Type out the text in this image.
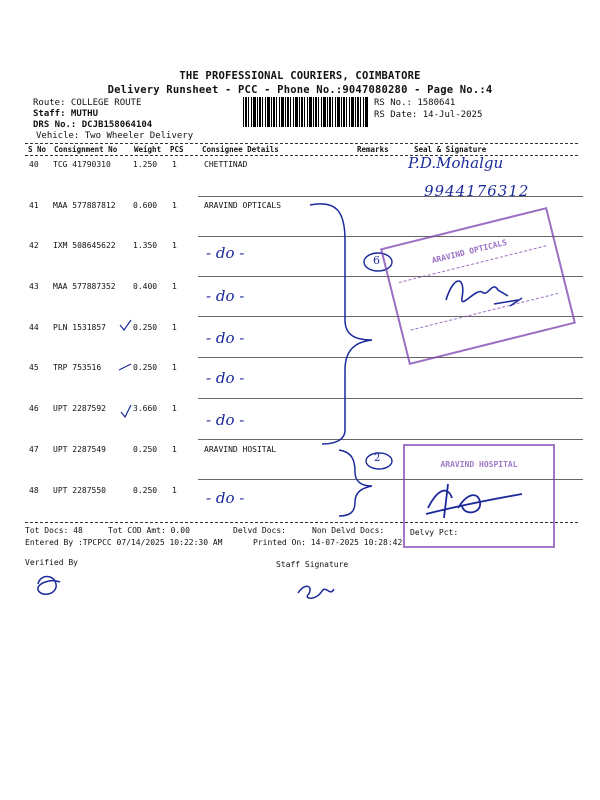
THE PROFESSIONAL COURIERS, COIMBATORE
Delivery Runsheet - PCC - Phone No.:9047080280 - Page No.:4
Route: COLLEGE ROUTE
Staff: MUTHU
DRS No.: DCJB158064104
Vehicle: Two Wheeler Delivery
RS No.: 1580641
RS Date: 14-Jul-2025
S No Consignment No Weight PCS Consignee Details	Remarks	Seal & Signature
40 TCG 41790310	1.250 1	CHETTINAD
41 MAA 577887812 0.600 1	ARAVIND OPTICALS
42 IXM 508645622 1.350 1
43 MAA 577887352 0.400 1
44 PLN 1531857	0.250 1
45 TRP 753516	0.250 1
46 UPT 2287592	3.660 1
47 UPT 2287549	0.250 1	ARAVIND HOSITAL
48 UPT 2287550	0.250 1
Tot Docs: 48	Tot COD Amt: 0.00	Delvd Docs:	Non Delvd Docs:	Delvy Pct:
Entered By :TPCPCC 07/14/2025 10:22:30 AM	Printed On: 14-07-2025 10:28:42
Verified By	Staff Signature
P.D.Mohalgu
9944176312
- do -
- do -
- do -
- do -
- do -
- do -
6
2
ARAVIND OPTICALS
ARAVIND HOSPITAL
